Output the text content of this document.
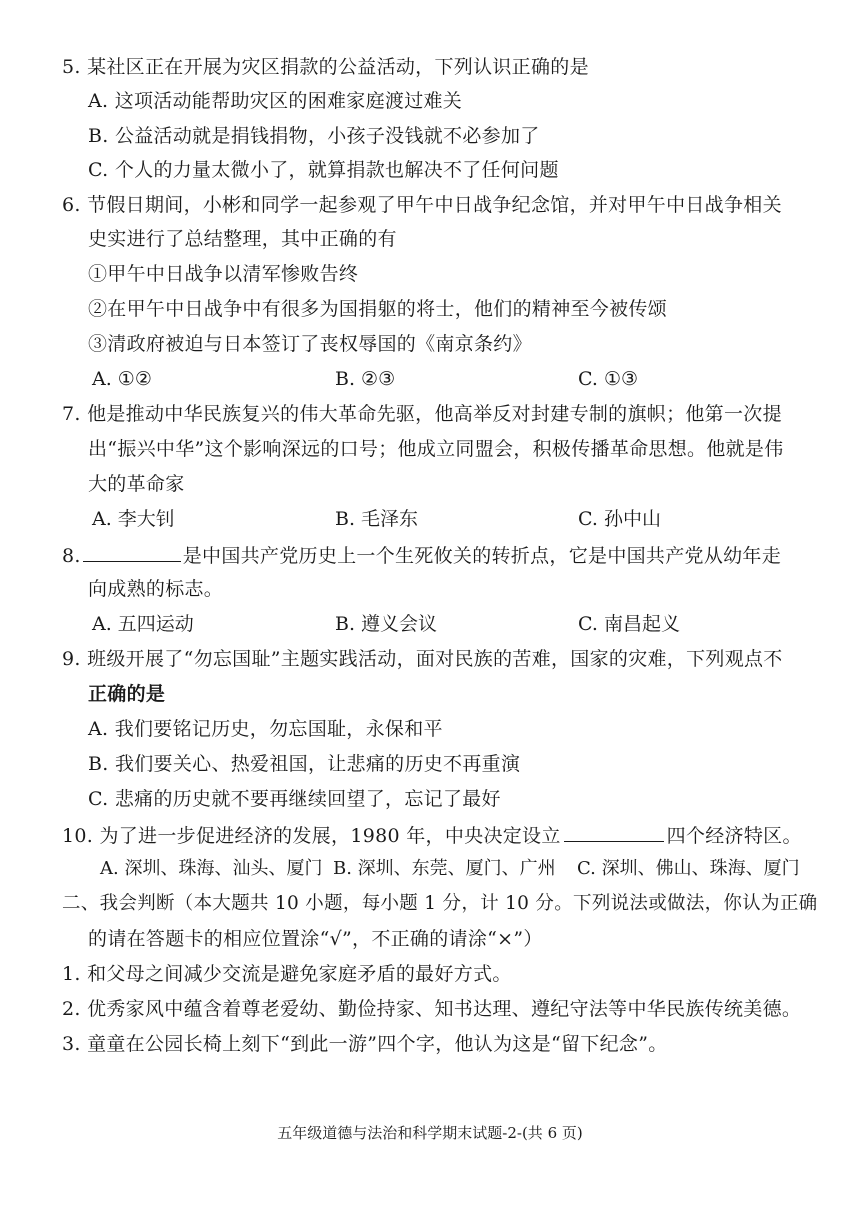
5. 某社区正在开展为灾区捐款的公益活动，下列认识正确的是
A. 这项活动能帮助灾区的困难家庭渡过难关
B. 公益活动就是捐钱捐物，小孩子没钱就不必参加了
C. 个人的力量太微小了，就算捐款也解决不了任何问题
6. 节假日期间，小彬和同学一起参观了甲午中日战争纪念馆，并对甲午中日战争相关
史实进行了总结整理，其中正确的有
①甲午中日战争以清军惨败告终
②在甲午中日战争中有很多为国捐躯的将士，他们的精神至今被传颂
③清政府被迫与日本签订了丧权辱国的《南京条约》
A. ①②	B. ②③	C. ①③
7. 他是推动中华民族复兴的伟大革命先驱，他高举反对封建专制的旗帜；他第一次提
出“振兴中华”这个影响深远的口号；他成立同盟会，积极传播革命思想。他就是伟
大的革命家
A. 李大钊	B. 毛泽东	C. 孙中山
8.	是中国共产党历史上一个生死攸关的转折点，它是中国共产党从幼年走
向成熟的标志。
A. 五四运动	B. 遵义会议	C. 南昌起义
9. 班级开展了“勿忘国耻”主题实践活动，面对民族的苦难，国家的灾难，下列观点不
正确的是
A. 我们要铭记历史，勿忘国耻，永保和平
B. 我们要关心、热爱祖国，让悲痛的历史不再重演
C. 悲痛的历史就不要再继续回望了，忘记了最好
10. 为了进一步促进经济的发展，1980 年，中央决定设立	四个经济特区。
A. 深圳、珠海、汕头、厦门 B. 深圳、东莞、厦门、广州 C. 深圳、佛山、珠海、厦门
二、我会判断（本大题共 10 小题，每小题 1 分，计 10 分。下列说法或做法，你认为正确
的请在答题卡的相应位置涂“√”，不正确的请涂“×”）
1. 和父母之间减少交流是避免家庭矛盾的最好方式。
2. 优秀家风中蕴含着尊老爱幼、勤俭持家、知书达理、遵纪守法等中华民族传统美德。
3. 童童在公园长椅上刻下“到此一游”四个字，他认为这是“留下纪念”。
五年级道德与法治和科学期末试题-2-(共 6 页)
